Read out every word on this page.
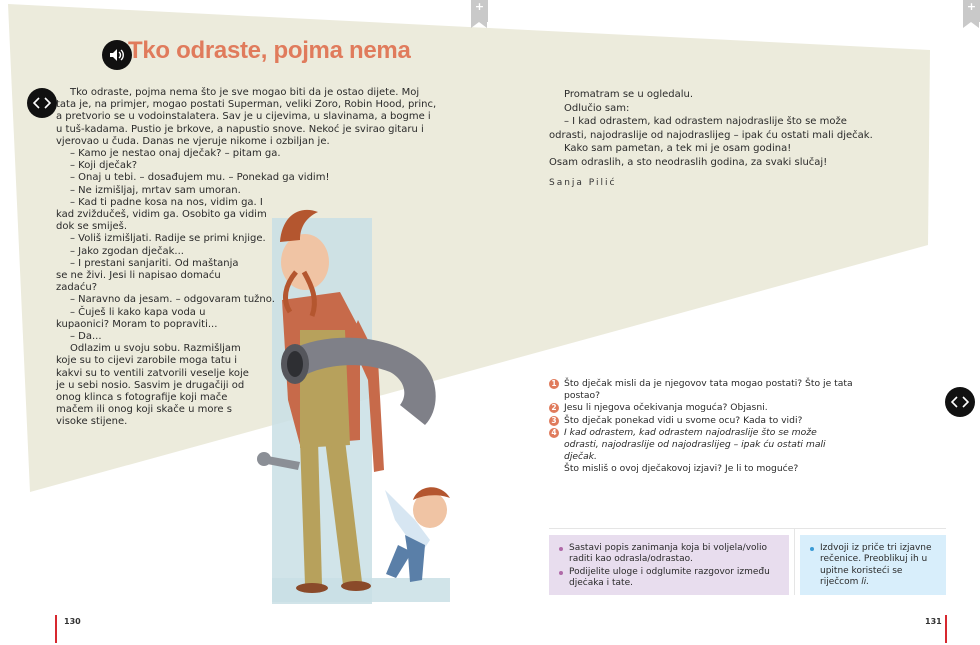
+	+
Tko odraste, pojma nema

Tko odraste, pojma nema što je sve mogao biti da je ostao dijete. Moj tata je, na primjer, mogao postati Superman, veliki Zoro, Robin Hood, princ, a pretvorio se u vodoinstalatera. Sav je u cijevima, u slavinama, a bogme i u tuš-kadama. Pustio je brkove, a napustio snove. Nekoć je svirao gitaru i vjerovao u čuda. Danas ne vjeruje nikome i ozbiljan je.

– Kamo je nestao onaj dječak? – pitam ga.

– Koji dječak?

– Onaj u tebi. – dosađujem mu. – Ponekad ga vidim!

– Ne izmišljaj, mrtav sam umoran.

– Kad ti padne kosa na nos, vidim ga. I kad zviždučeš, vidim ga. Osobito ga vidim dok se smiješ.

– Voliš izmišljati. Radije se primi knjige.

– Jako zgodan dječak...

– I prestani sanjariti. Od maštanja se ne živi. Jesi li napisao domaću zadaću?

– Naravno da jesam. – odgovaram tužno.

– Čuješ li kako kapa voda u kupaonici? Moram to popraviti...

– Da...

Odlazim u svoju sobu. Razmišljam koje su to cijevi zarobile moga tatu i kakvi su to ventili zatvorili veselje koje je u sebi nosio. Sasvim je drugačiji od onog klinca s fotografije koji mače mačem ili onog koji skače u more s visoke stijene.

Promatram se u ogledalu.

Odlučio sam:

– I kad odrastem, kad odrastem najodraslije što se može odrasti, najodraslije od najodraslijeg – ipak ću ostati mali dječak.

Kako sam pametan, a tek mi je osam godina!

Osam odraslih, a sto neodraslih godina, za svaki slučaj!

Sanja Pilić
1 Što dječak misli da je njegovov tata mogao postati? Što je tata postao?
2 Jesu li njegova očekivanja moguća? Objasni.
3 Što dječak ponekad vidi u svome ocu? Kada to vidi?
4 I kad odrastem, kad odrastem najodraslije što se može odrasti, najodraslije od najodraslijeg – ipak ću ostati mali dječak.
Što misliš o ovoj dječakovoj izjavi? Je li to moguće?
Sastavi popis zanimanja koja bi voljela/volio raditi kao odrasla/odrastao.
Podijelite uloge i odglumite razgovor između djeċaka i tate.
Izdvoji iz priče tri izjavne rečenice. Preoblikuj ih u upitne koristeći se riječcom li.
130	131
